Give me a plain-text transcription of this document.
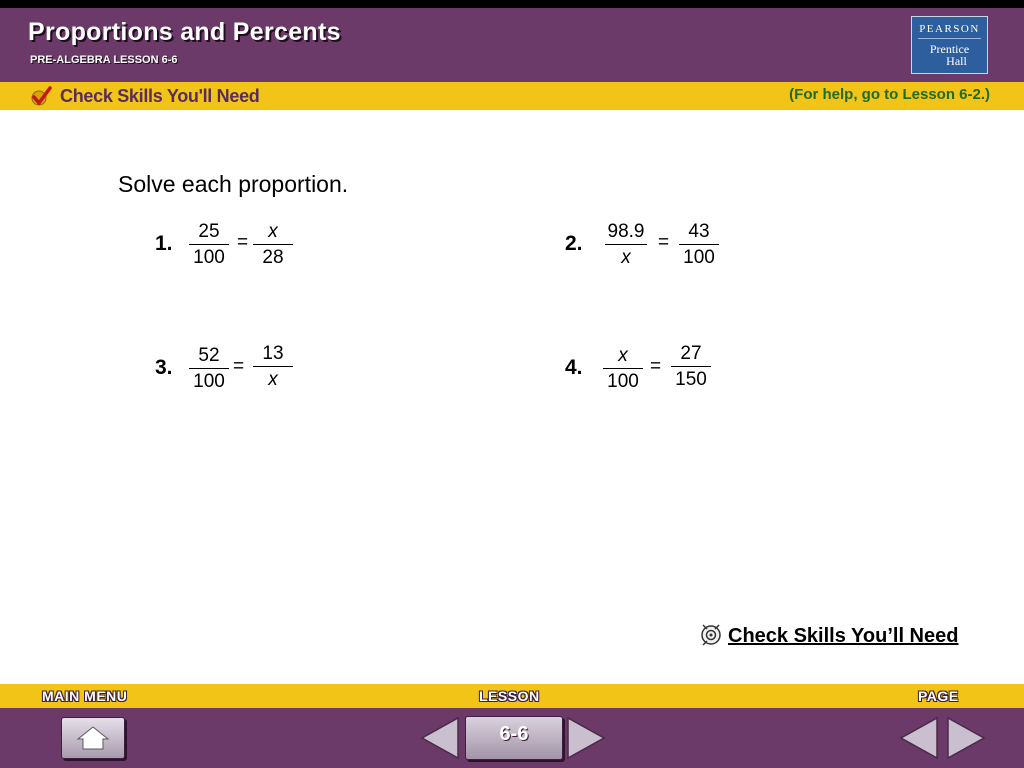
Proportions and Percents
PRE-ALGEBRA LESSON 6-6
PEARSON
Prentice
Hall
Check Skills You'll Need	(For help, go to Lesson 6-2.)
Solve each proportion.
1.
25
100
=
x
28
2.
98.9
x
=
43
100
3.
52
100
=
13
x
4.
x
100
=
27
150
Check Skills You’ll Need
MAIN MENU	LESSON	PAGE
6-6
